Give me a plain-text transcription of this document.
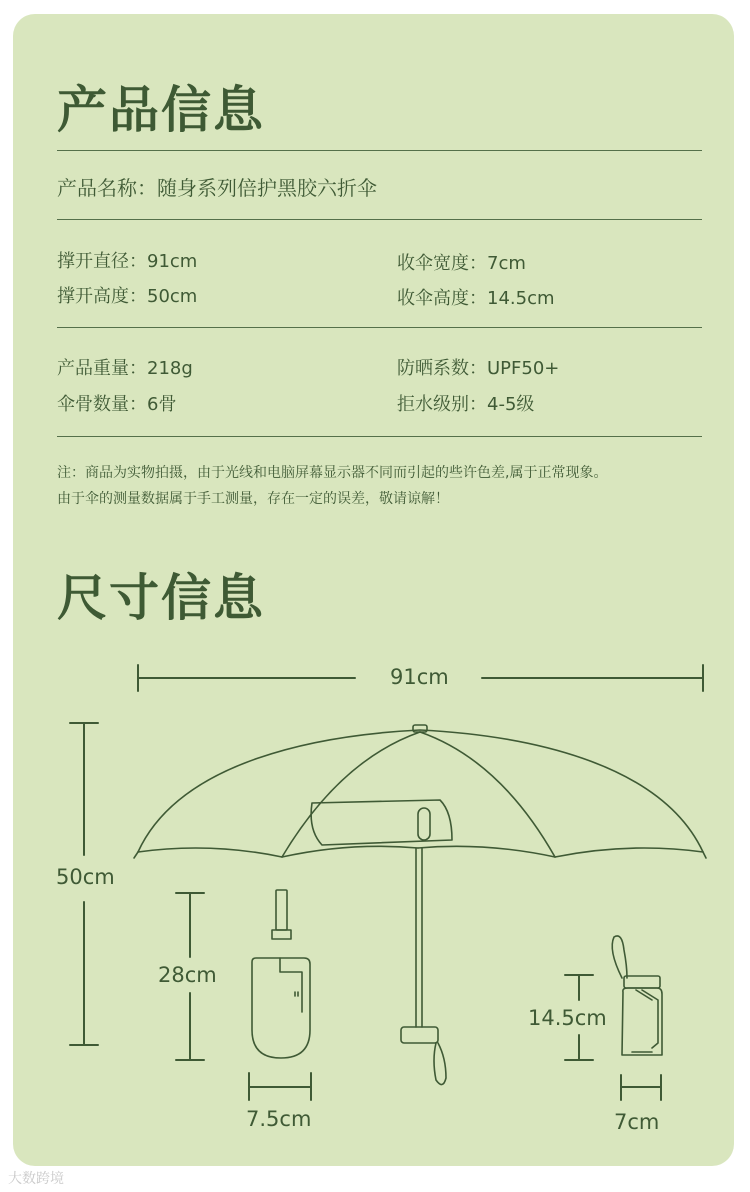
产品信息
产品名称：随身系列倍护黑胶六折伞
撑开直径：91cm	收伞宽度：7cm
撑开高度：50cm	收伞高度：14.5cm
产品重量：218g	防晒系数：UPF50+
伞骨数量：6骨	拒水级别：4-5级
注：商品为实物拍摄，由于光线和电脑屏幕显示器不同而引起的些许色差,属于正常现象。
由于伞的测量数据属于手工测量，存在一定的误差，敬请谅解！
尺寸信息
91cm
50cm
28cm
7.5cm
14.5cm
7cm
大数跨境
